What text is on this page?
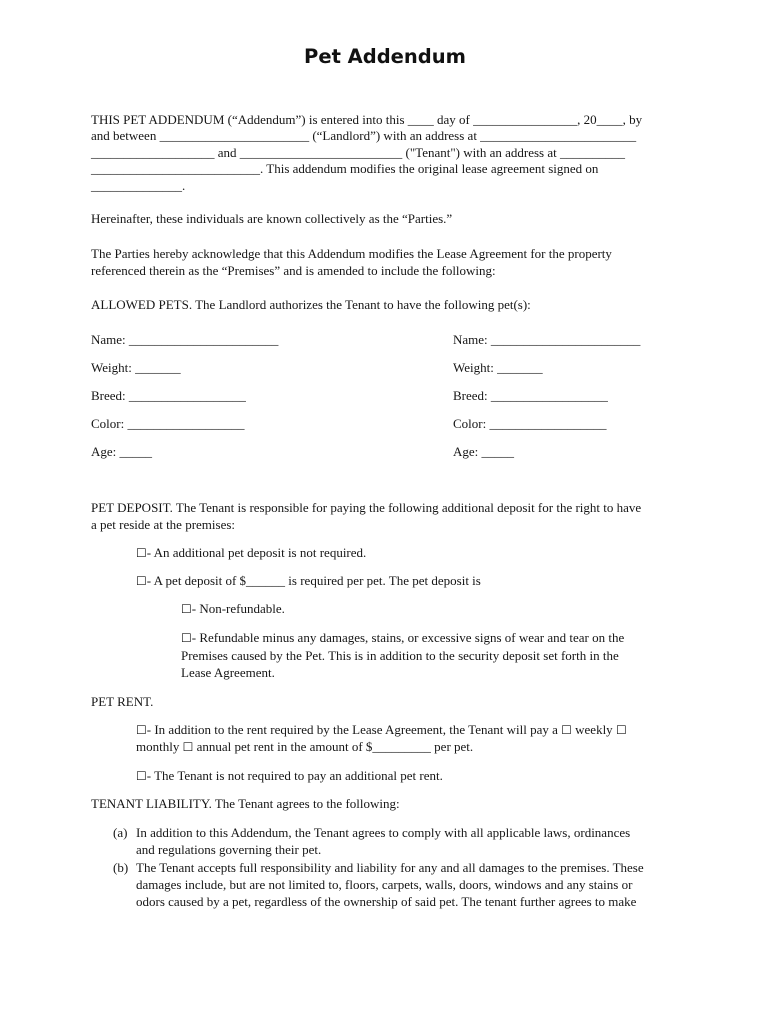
Pet Addendum
THIS PET ADDENDUM (“Addendum”) is entered into this ____ day of ________________, 20____, by
and between _______________________ (“Landlord”) with an address at ________________________
___________________ and _________________________ ("Tenant") with an address at __________
__________________________. This addendum modifies the original lease agreement signed on
______________.
Hereinafter, these individuals are known collectively as the “Parties.”
The Parties hereby acknowledge that this Addendum modifies the Lease Agreement for the property
referenced therein as the “Premises” and is amended to include the following:
ALLOWED PETS. The Landlord authorizes the Tenant to have the following pet(s):
Name: _______________________
Weight: _______
Breed: __________________
Color: __________________
Age: _____
Name: _______________________
Weight: _______
Breed: __________________
Color: __________________
Age: _____
PET DEPOSIT. The Tenant is responsible for paying the following additional deposit for the right to have
a pet reside at the premises:
☐- An additional pet deposit is not required.
☐- A pet deposit of $______ is required per pet. The pet deposit is
☐- Non-refundable.
☐- Refundable minus any damages, stains, or excessive signs of wear and tear on the
Premises caused by the Pet. This is in addition to the security deposit set forth in the
Lease Agreement.
PET RENT.
☐- In addition to the rent required by the Lease Agreement, the Tenant will pay a ☐ weekly ☐
monthly ☐ annual pet rent in the amount of $_________ per pet.
☐- The Tenant is not required to pay an additional pet rent.
TENANT LIABILITY. The Tenant agrees to the following:
(a) In addition to this Addendum, the Tenant agrees to comply with all applicable laws, ordinances
and regulations governing their pet.
(b) The Tenant accepts full responsibility and liability for any and all damages to the premises. These
damages include, but are not limited to, floors, carpets, walls, doors, windows and any stains or
odors caused by a pet, regardless of the ownership of said pet. The tenant further agrees to make
